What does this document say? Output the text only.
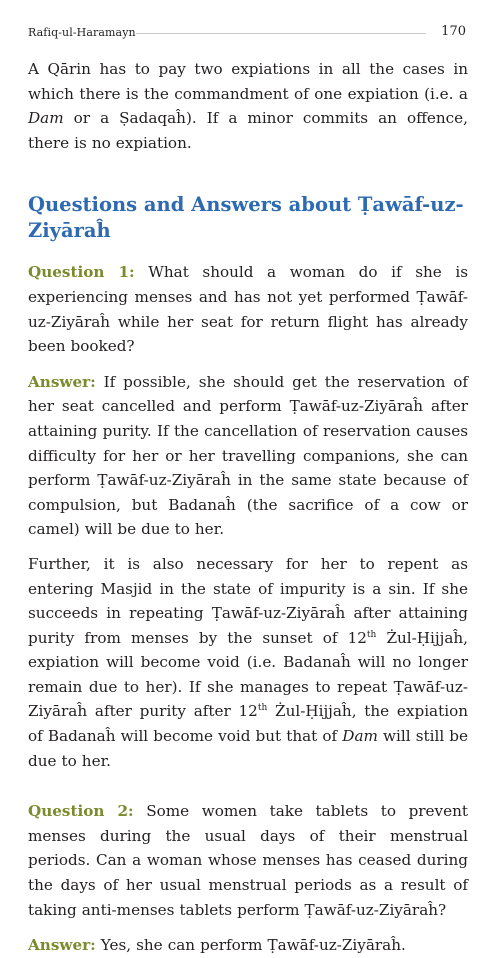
Rafiq-ul-Haramayn	170

A Qārin has to pay two expiations in all the cases in which there is the commandment of one expiation (i.e. a Dam or a Ṣadaqaĥ). If a minor commits an offence, there is no expiation.

Questions and Answers about Ṭawāf-uz-Ziyāraĥ

Question 1: What should a woman do if she is experiencing menses and has not yet performed Ṭawāf-uz-Ziyāraĥ while her seat for return flight has already been booked?

Answer: If possible, she should get the reservation of her seat cancelled and perform Ṭawāf-uz-Ziyāraĥ after attaining purity. If the cancellation of reservation causes difficulty for her or her travelling companions, she can perform Ṭawāf-uz-Ziyāraĥ in the same state because of compulsion, but Badanaĥ (the sacrifice of a cow or camel) will be due to her.

Further, it is also necessary for her to repent as entering Masjid in the state of impurity is a sin. If she succeeds in repeating Ṭawāf-uz-Ziyāraĥ after attaining purity from menses by the sunset of 12th Żul-Ḥijjaĥ, expiation will become void (i.e. Badanaĥ will no longer remain due to her). If she manages to repeat Ṭawāf-uz-Ziyāraĥ after purity after 12th Żul-Ḥijjaĥ, the expiation of Badanaĥ will become void but that of Dam will still be due to her.

Question 2: Some women take tablets to prevent menses during the usual days of their menstrual periods. Can a woman whose menses has ceased during the days of her usual menstrual periods as a result of taking anti-menses tablets perform Ṭawāf-uz-Ziyāraĥ?

Answer: Yes, she can perform Ṭawāf-uz-Ziyāraĥ.
